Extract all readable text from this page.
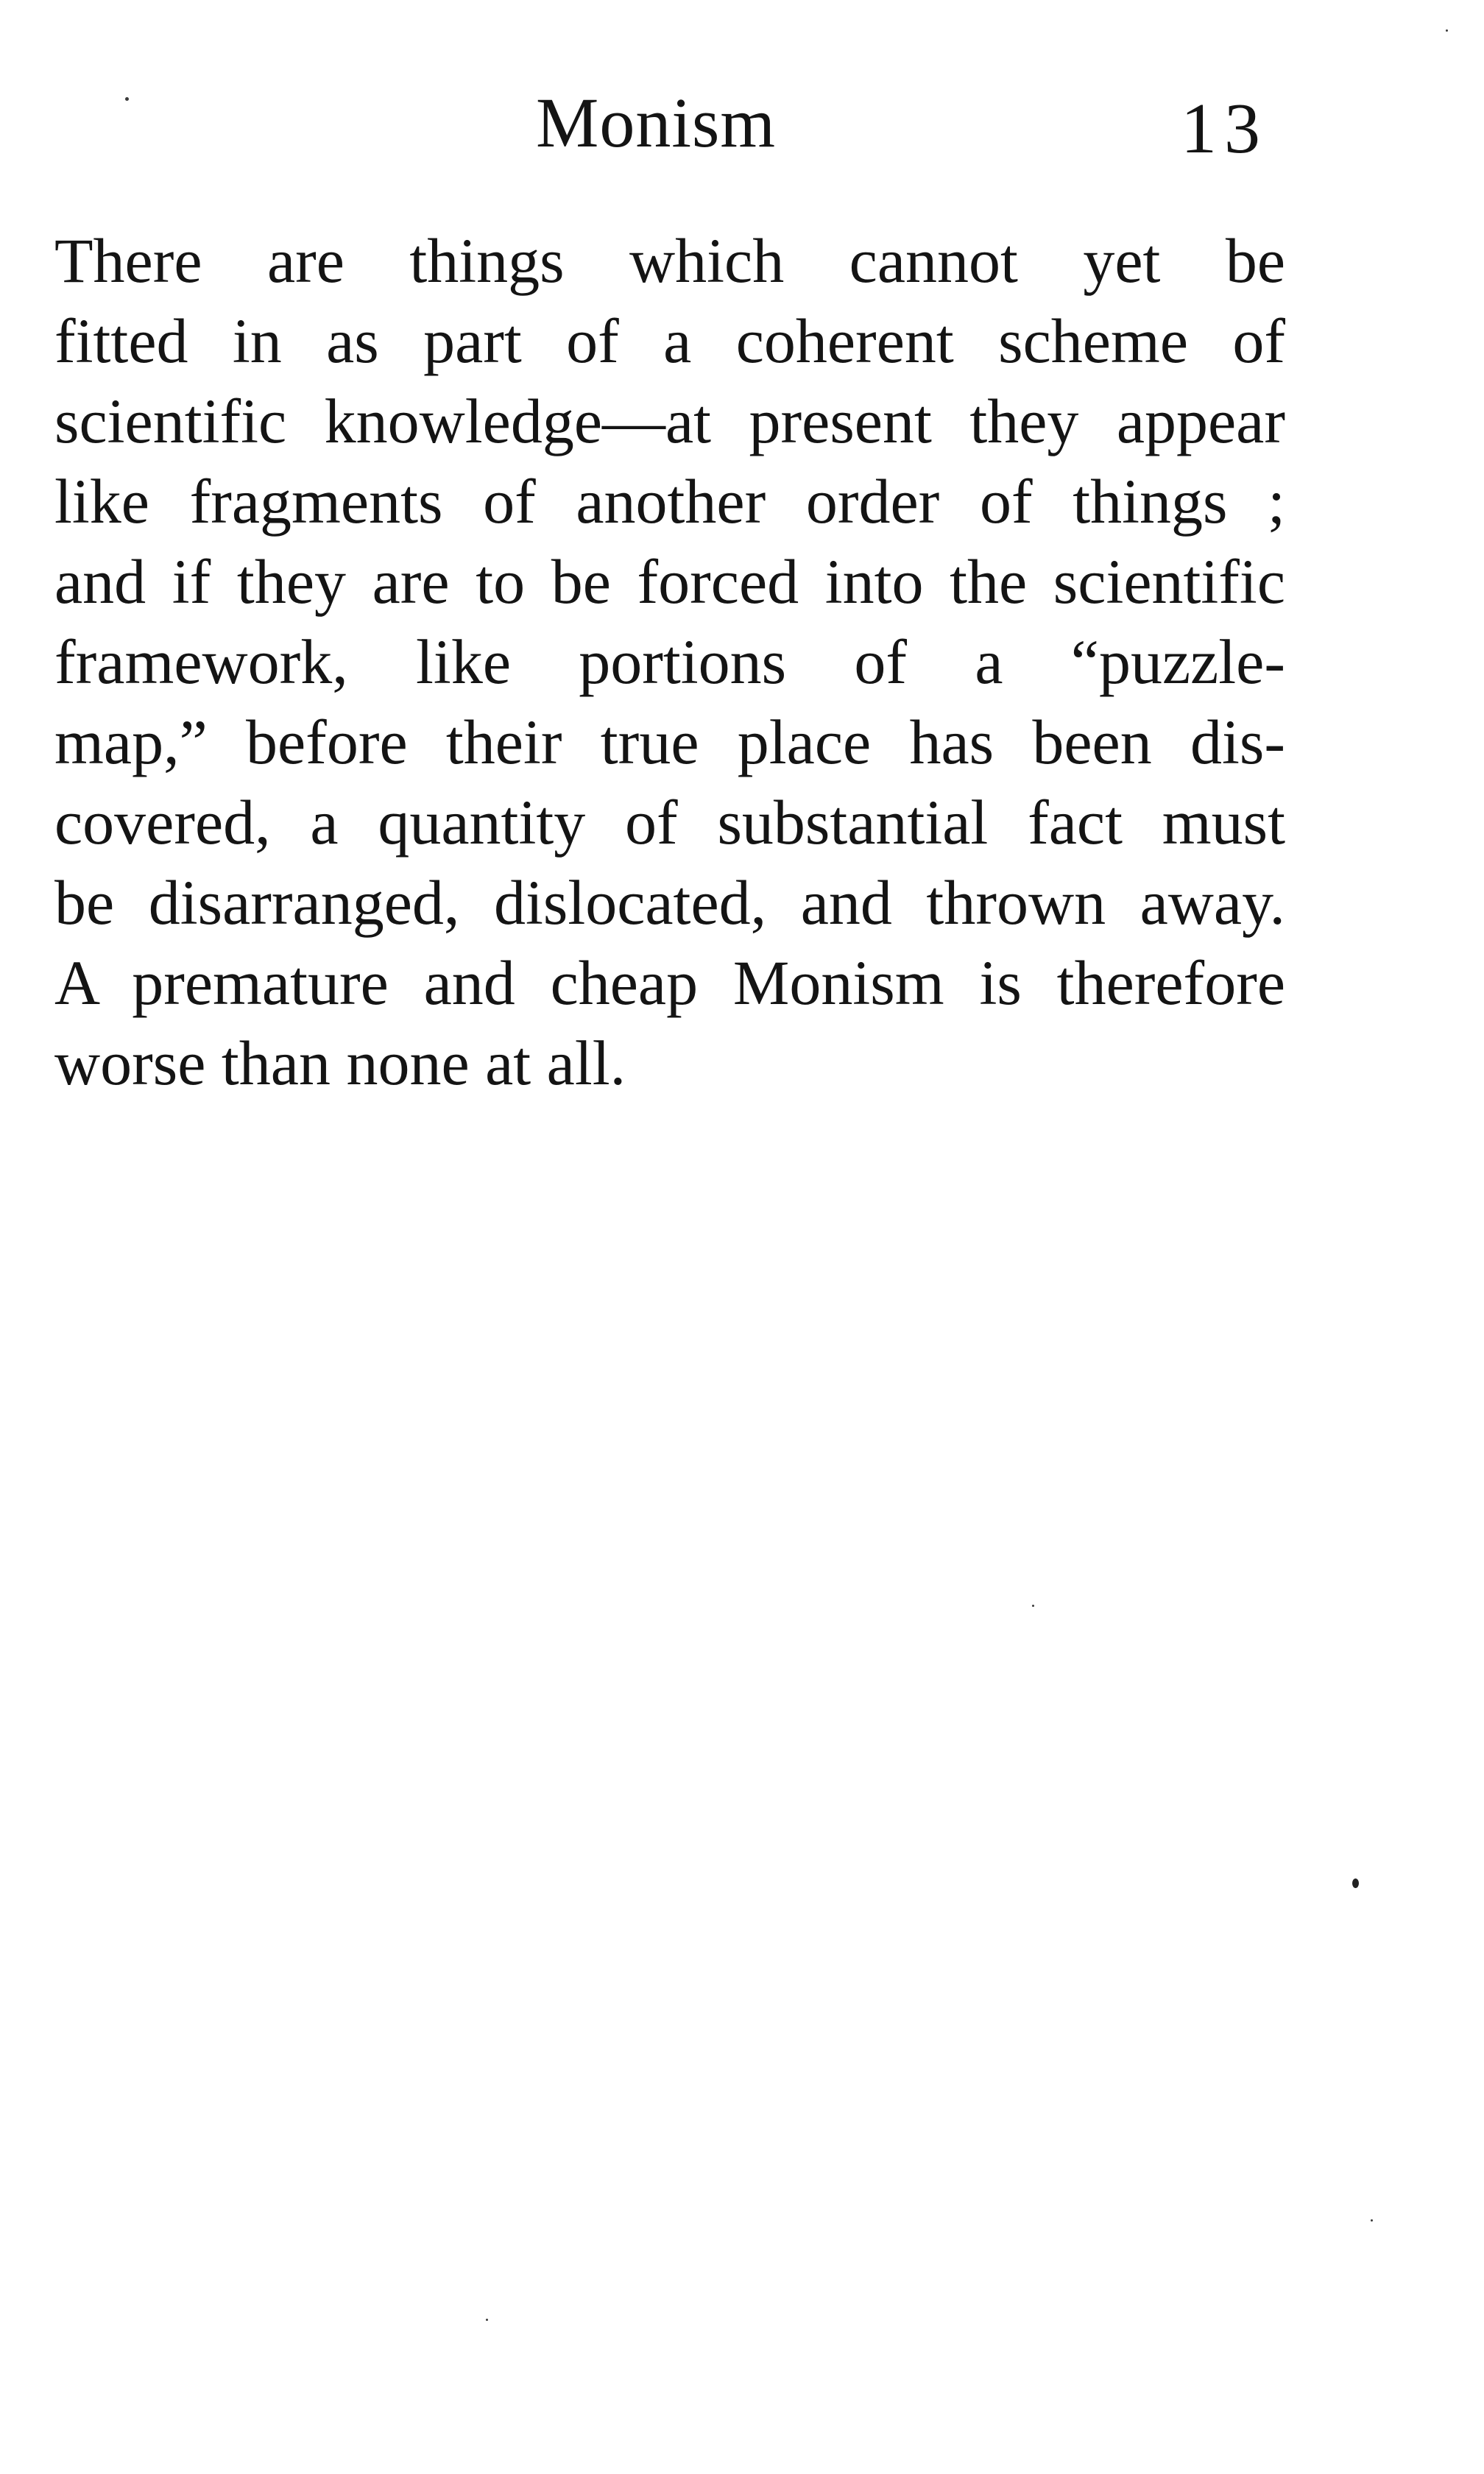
Monism	13

There are things which cannot yet be
fitted in as part of a coherent scheme of
scientific knowledge—at present they appear
like fragments of another order of things ;
and if they are to be forced into the scientific
framework, like portions of a “puzzle-
map,” before their true place has been dis-
covered, a quantity of substantial fact must
be disarranged, dislocated, and thrown away.
A premature and cheap Monism is therefore
worse than none at all.
